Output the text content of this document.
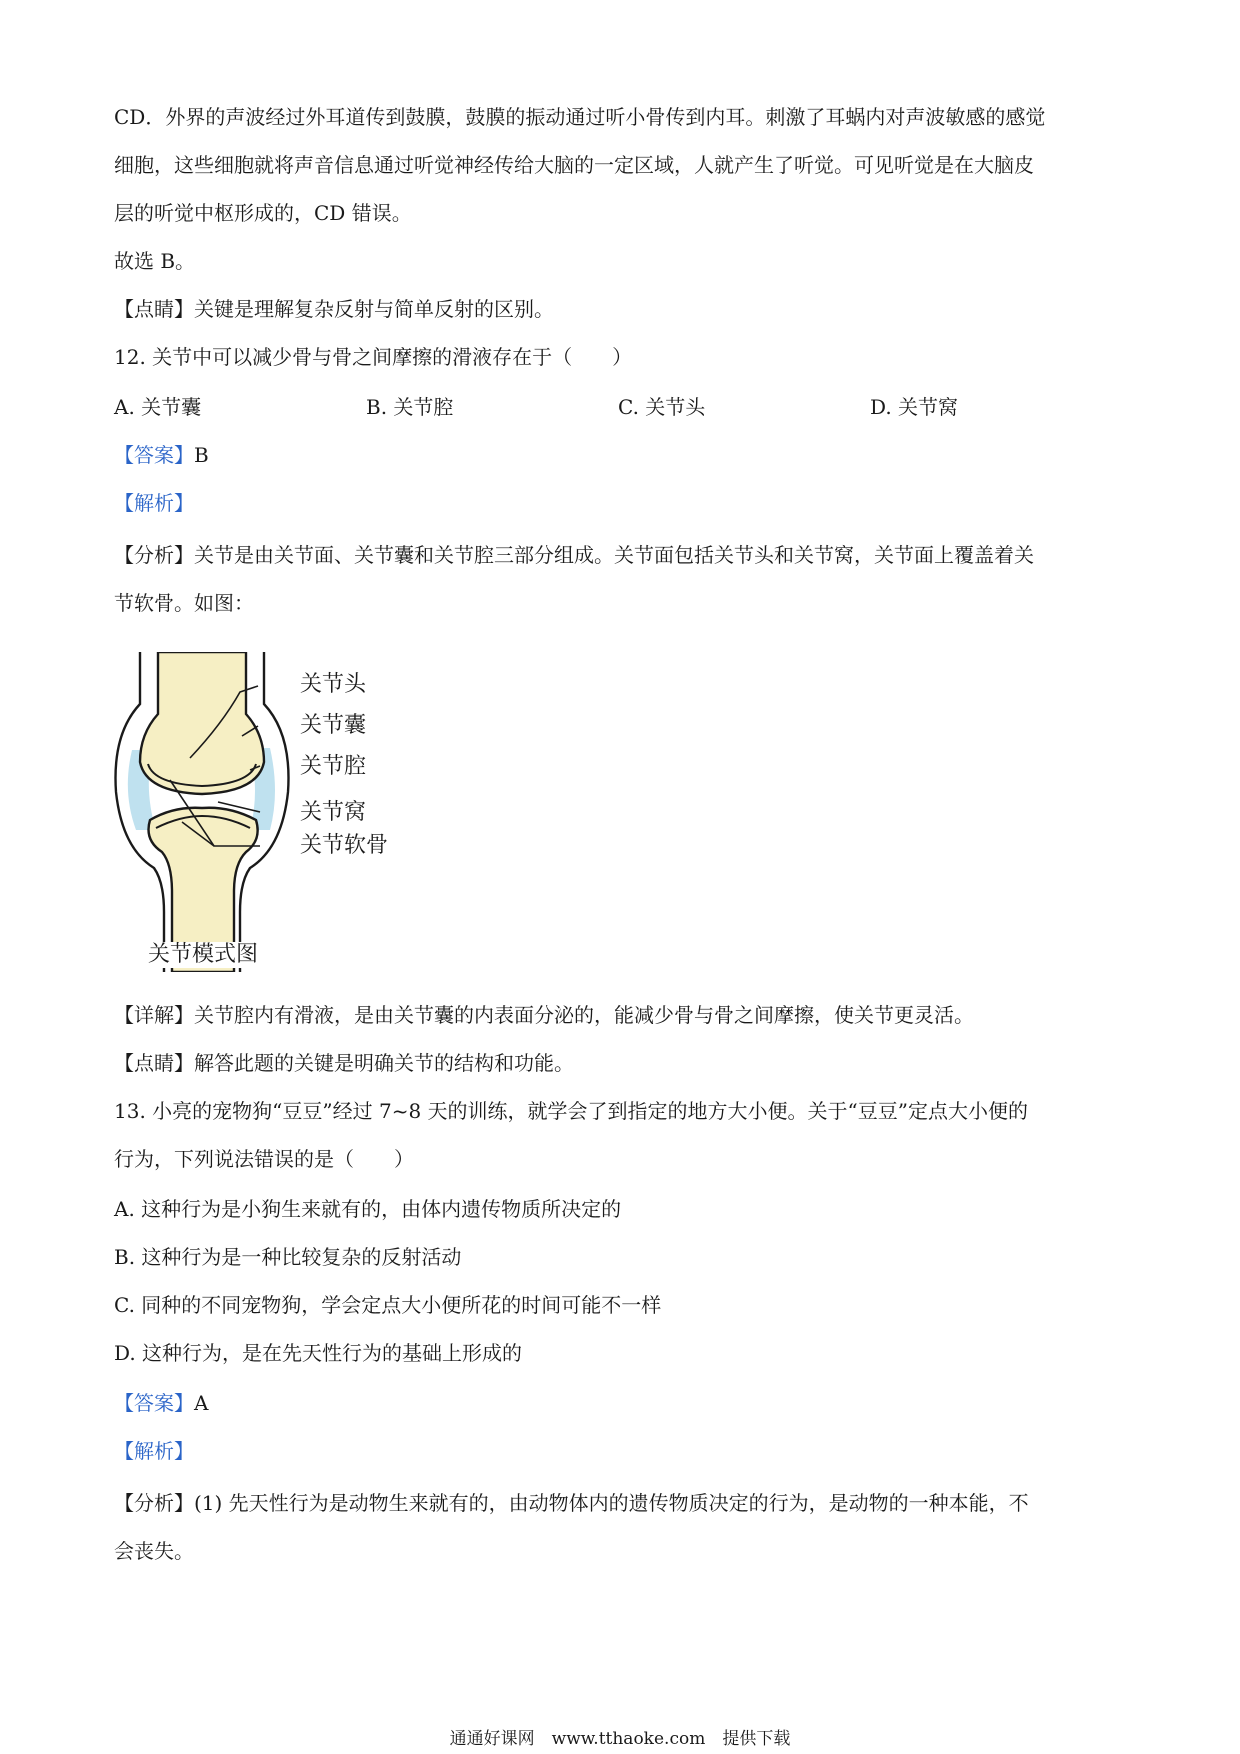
CD．外界的声波经过外耳道传到鼓膜，鼓膜的振动通过听小骨传到内耳。刺激了耳蜗内对声波敏感的感觉
细胞，这些细胞就将声音信息通过听觉神经传给大脑的一定区域，人就产生了听觉。可见听觉是在大脑皮
层的听觉中枢形成的，CD 错误。
故选 B。
【点睛】关键是理解复杂反射与简单反射的区别。
12. 关节中可以减少骨与骨之间摩擦的滑液存在于（　　）
A. 关节囊	B. 关节腔	C. 关节头	D. 关节窝
【答案】B
【解析】
【分析】关节是由关节面、关节囊和关节腔三部分组成。关节面包括关节头和关节窝，关节面上覆盖着关
节软骨。如图：
关节头
关节囊
关节腔
关节窝
关节软骨
关节模式图
【详解】关节腔内有滑液，是由关节囊的内表面分泌的，能减少骨与骨之间摩擦，使关节更灵活。
【点睛】解答此题的关键是明确关节的结构和功能。
13. 小亮的宠物狗“豆豆”经过 7~8 天的训练，就学会了到指定的地方大小便。关于“豆豆”定点大小便的
行为，下列说法错误的是（　　）
A. 这种行为是小狗生来就有的，由体内遗传物质所决定的
B. 这种行为是一种比较复杂的反射活动
C. 同种的不同宠物狗，学会定点大小便所花的时间可能不一样
D. 这种行为，是在先天性行为的基础上形成的
【答案】A
【解析】
【分析】(1) 先天性行为是动物生来就有的，由动物体内的遗传物质决定的行为，是动物的一种本能，不
会丧失。
通通好课网　www.tthaoke.com　提供下载
